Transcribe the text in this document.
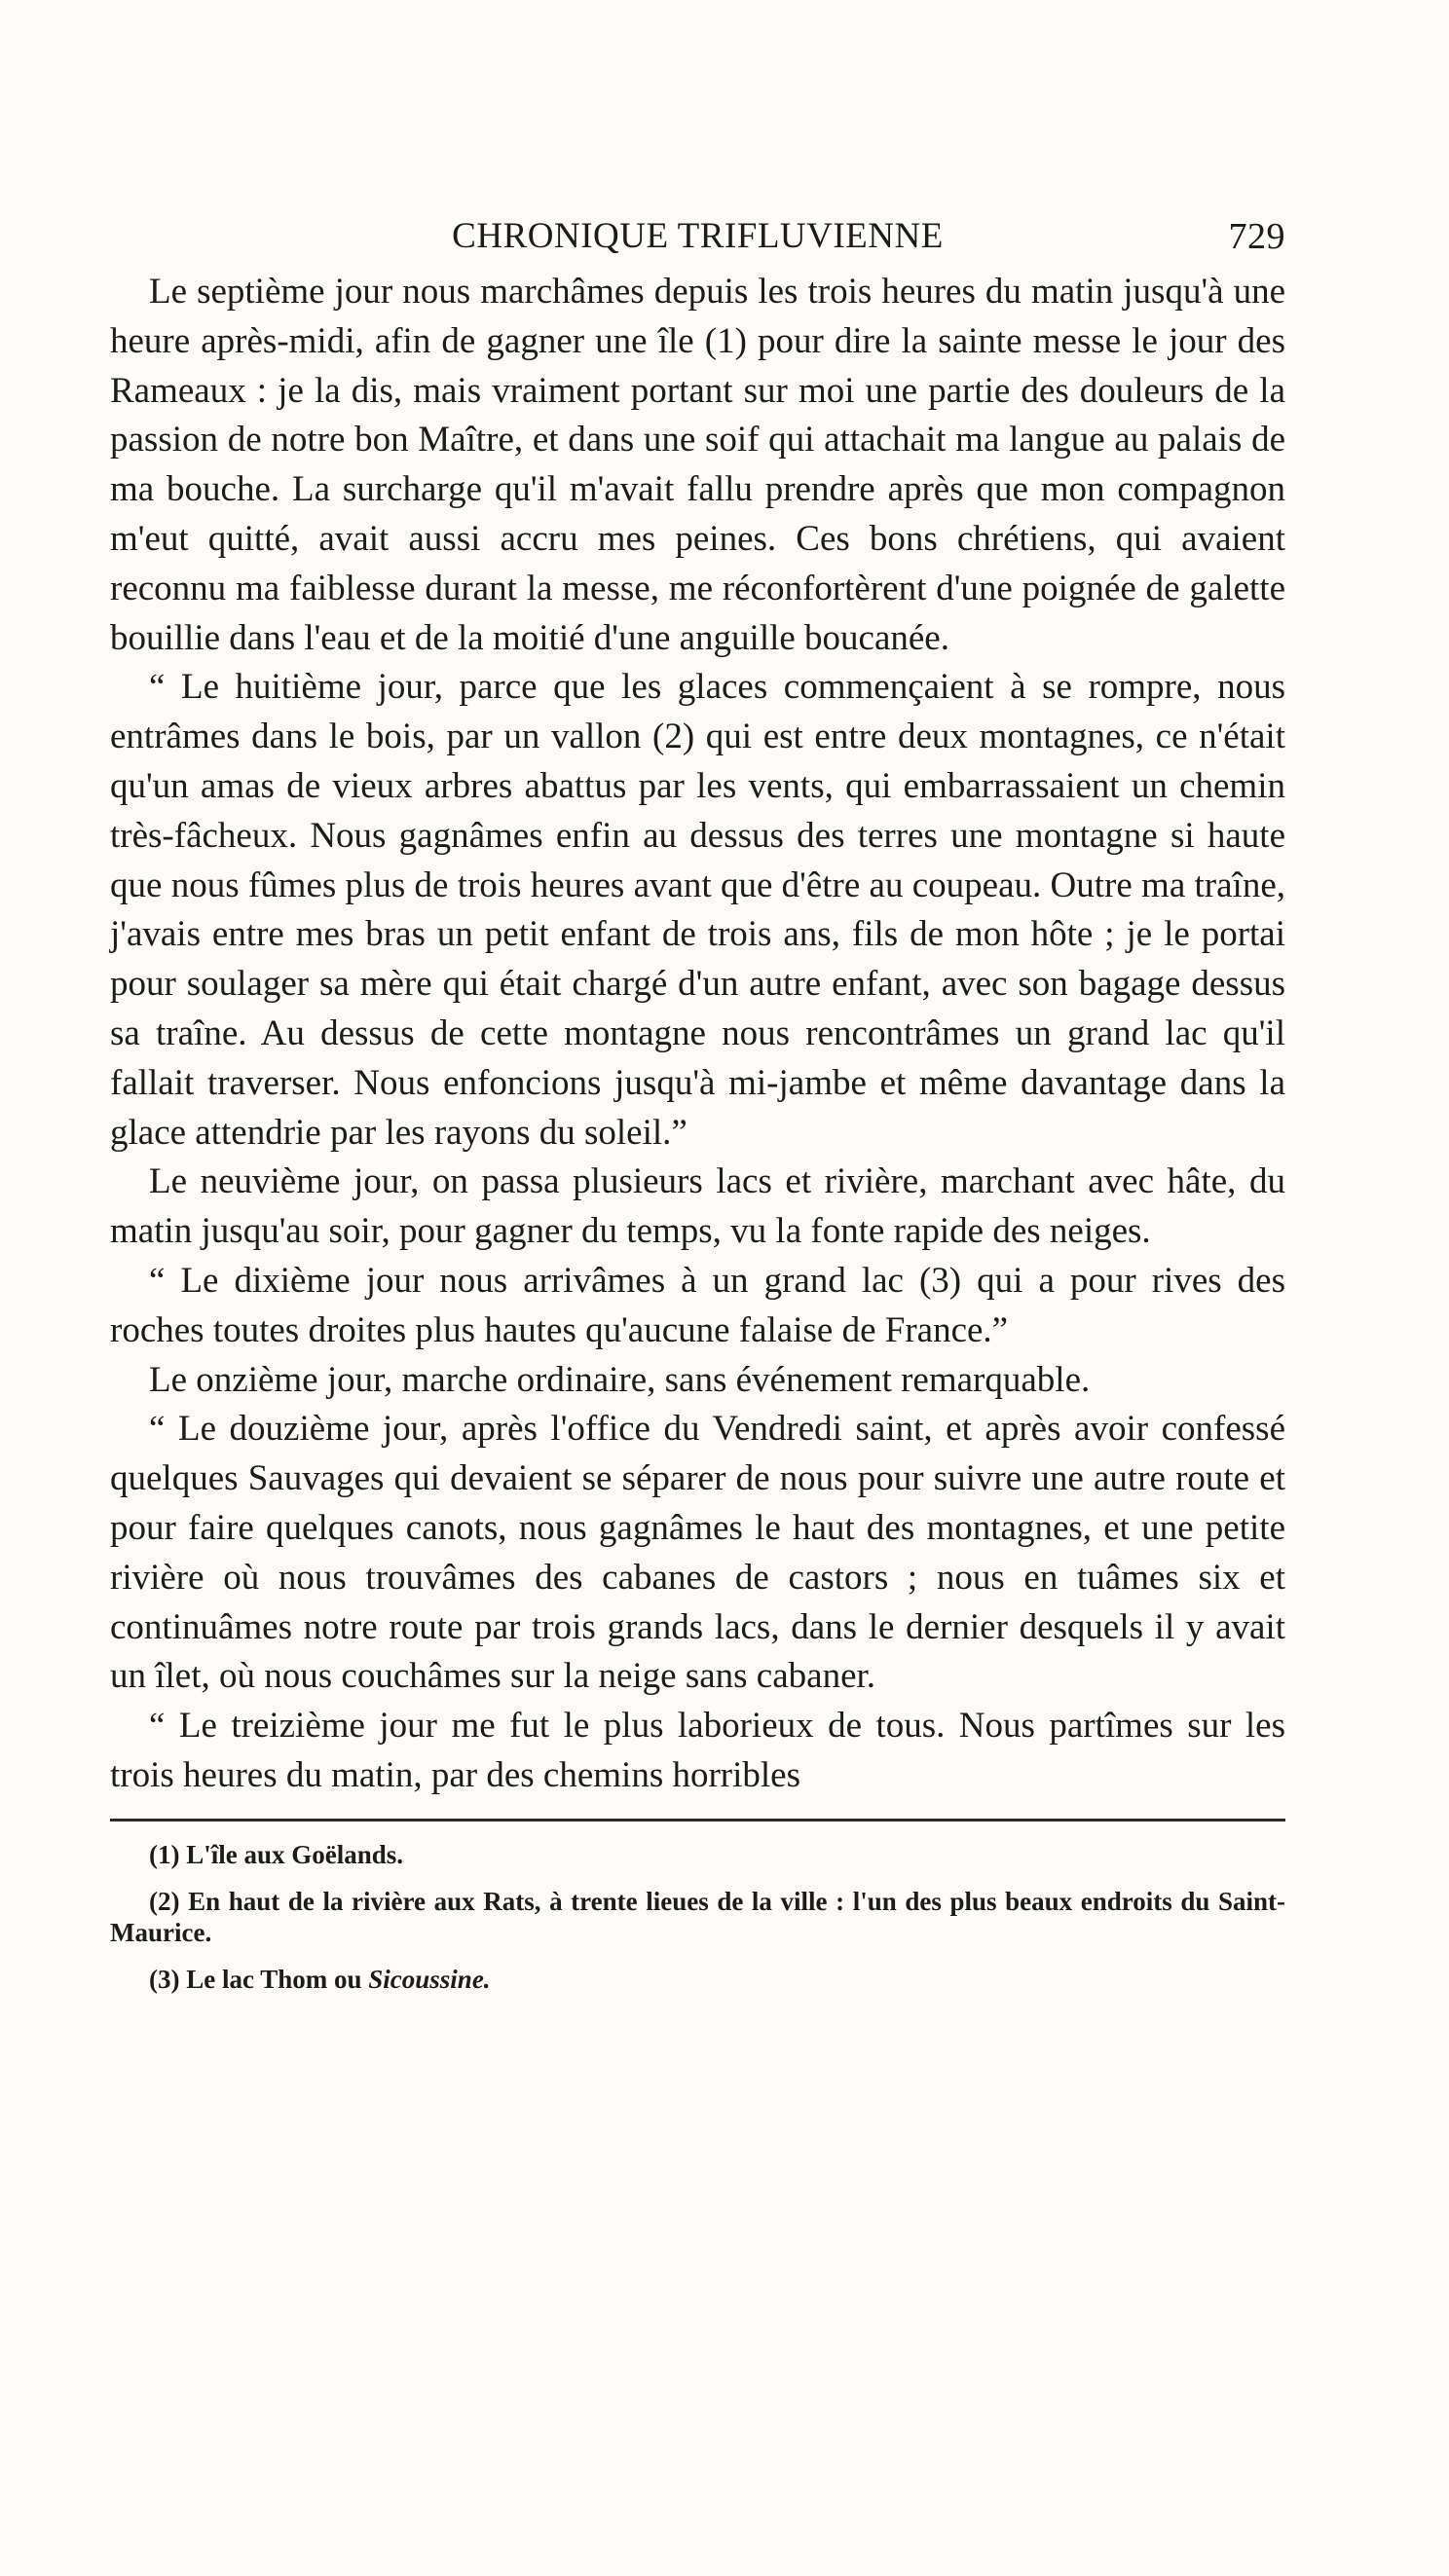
CHRONIQUE TRIFLUVIENNE	729

Le septième jour nous marchâmes depuis les trois heures du matin jusqu'à une heure après-midi, afin de gagner une île (1) pour dire la sainte messe le jour des Rameaux : je la dis, mais vraiment portant sur moi une partie des douleurs de la passion de notre bon Maître, et dans une soif qui attachait ma langue au palais de ma bouche. La surcharge qu'il m'avait fallu prendre après que mon compagnon m'eut quitté, avait aussi accru mes peines. Ces bons chrétiens, qui avaient reconnu ma faiblesse durant la messe, me réconfortèrent d'une poignée de galette bouillie dans l'eau et de la moitié d'une anguille boucanée.

“ Le huitième jour, parce que les glaces commençaient à se rompre, nous entrâmes dans le bois, par un vallon (2) qui est entre deux montagnes, ce n'était qu'un amas de vieux arbres abattus par les vents, qui embarrassaient un chemin très-fâcheux. Nous gagnâmes enfin au dessus des terres une montagne si haute que nous fûmes plus de trois heures avant que d'être au coupeau. Outre ma traîne, j'avais entre mes bras un petit enfant de trois ans, fils de mon hôte ; je le portai pour soulager sa mère qui était chargé d'un autre enfant, avec son bagage dessus sa traîne. Au dessus de cette montagne nous rencontrâmes un grand lac qu'il fallait traverser. Nous enfoncions jusqu'à mi-jambe et même davantage dans la glace attendrie par les rayons du soleil.”

Le neuvième jour, on passa plusieurs lacs et rivière, marchant avec hâte, du matin jusqu'au soir, pour gagner du temps, vu la fonte rapide des neiges.

“ Le dixième jour nous arrivâmes à un grand lac (3) qui a pour rives des roches toutes droites plus hautes qu'aucune falaise de France.”

Le onzième jour, marche ordinaire, sans événement remarquable.

“ Le douzième jour, après l'office du Vendredi saint, et après avoir confessé quelques Sauvages qui devaient se séparer de nous pour suivre une autre route et pour faire quelques canots, nous gagnâmes le haut des montagnes, et une petite rivière où nous trouvâmes des cabanes de castors ; nous en tuâmes six et continuâmes notre route par trois grands lacs, dans le dernier desquels il y avait un îlet, où nous couchâmes sur la neige sans cabaner.

“ Le treizième jour me fut le plus laborieux de tous. Nous partîmes sur les trois heures du matin, par des chemins horribles

(1) L'île aux Goëlands.

(2) En haut de la rivière aux Rats, à trente lieues de la ville : l'un des plus beaux endroits du Saint-Maurice.

(3) Le lac Thom ou Sicoussine.
